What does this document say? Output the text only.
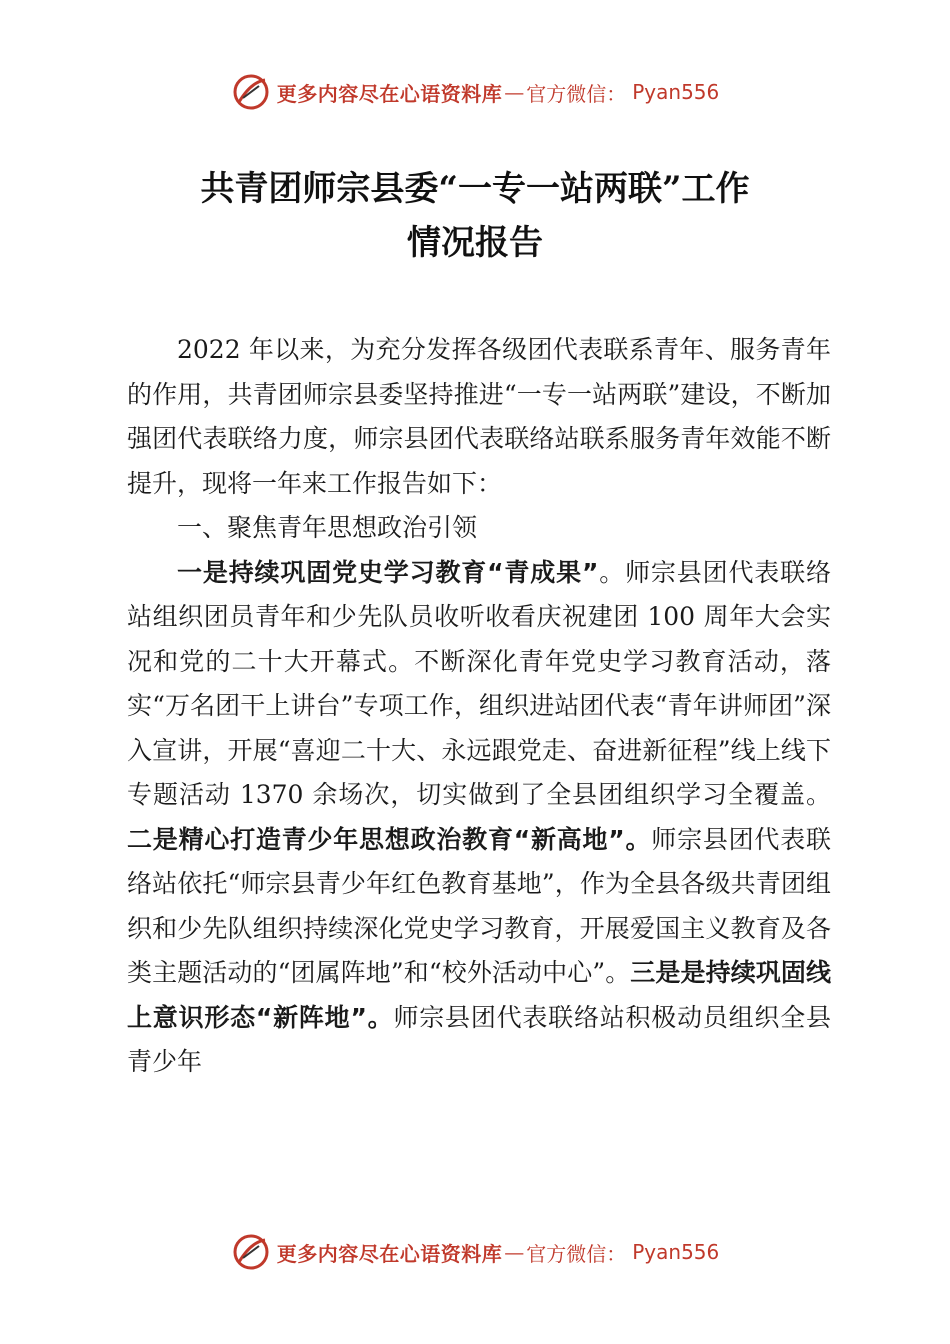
更多内容尽在心语资料库 — 官方微信： Pyan556
共青团师宗县委“一专一站两联”工作
情况报告

2022 年以来，为充分发挥各级团代表联系青年、服务青年的作用，共青团师宗县委坚持推进“一专一站两联”建设，不断加强团代表联络力度，师宗县团代表联络站联系服务青年效能不断提升，现将一年来工作报告如下：

一、聚焦青年思想政治引领

一是持续巩固党史学习教育“青成果”。师宗县团代表联络站组织团员青年和少先队员收听收看庆祝建团 100 周年大会实况和党的二十大开幕式。不断深化青年党史学习教育活动，落实“万名团干上讲台”专项工作，组织进站团代表“青年讲师团”深入宣讲，开展“喜迎二十大、永远跟党走、奋进新征程”线上线下专题活动 1370 余场次，切实做到了全县团组织学习全覆盖。二是精心打造青少年思想政治教育“新高地”。师宗县团代表联络站依托“师宗县青少年红色教育基地”，作为全县各级共青团组织和少先队组织持续深化党史学习教育，开展爱国主义教育及各类主题活动的“团属阵地”和“校外活动中心”。三是是持续巩固线上意识形态“新阵地”。师宗县团代表联络站积极动员组织全县青少年

更多内容尽在心语资料库 — 官方微信： Pyan556
